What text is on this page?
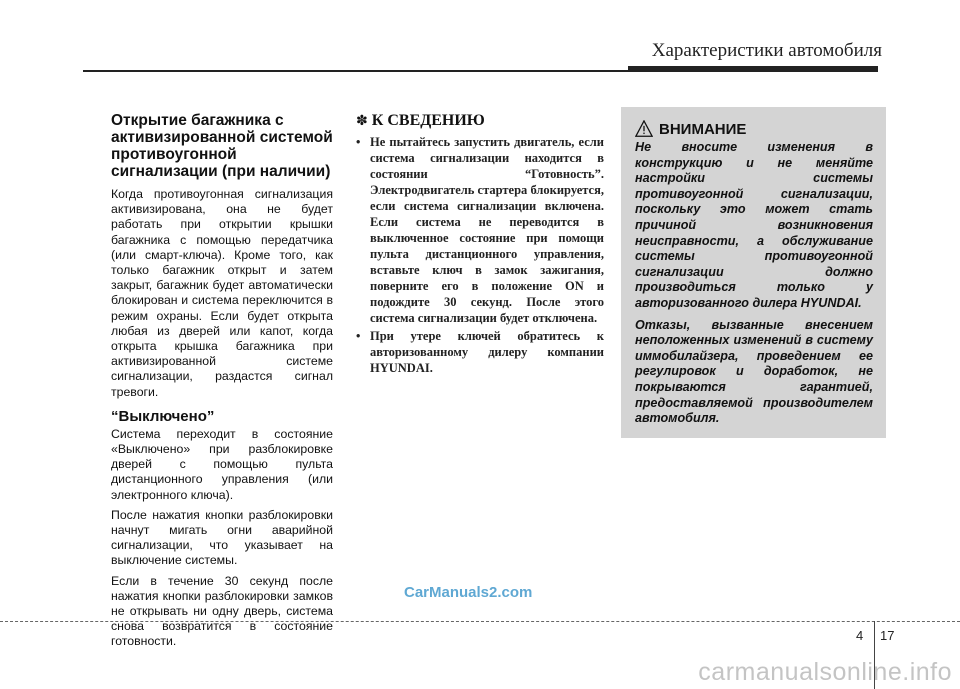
Характеристики автомобиля
Открытие багажника с активизированной системой противоугонной сигнализации (при наличии)
Когда противоугонная сигнализация активизирована, она не будет работать при открытии крышки багажника с помощью передатчика (или смарт-ключа). Кроме того, как только багажник открыт и затем закрыт, багажник будет автоматически блокирован и система переключится в режим охраны. Если будет открыта любая из дверей или капот, когда открыта крышка багажника при активизированной системе сигнализации, раздастся сигнал тревоги.
“Выключено”
Система переходит в состояние «Выключено» при разблокировке дверей с помощью пульта дистанционного управления (или электронного ключа).
После нажатия кнопки разблокировки начнут мигать огни аварийной сигнализации, что указывает на выключение системы.
Если в течение 30 секунд после нажатия кнопки разблокировки замков не открывать ни одну дверь, система снова возвратится в состояние готовности.
✽ К СВЕДЕНИЮ
• Не пытайтесь запустить двигатель, если система сигнализации находится в состоянии “Готовность”. Электродвигатель стартера блокируется, если система сигнализации включена. Если система не переводится в выключенное состояние при помощи пульта дистанционного управления, вставьте ключ в замок зажигания, поверните его в положение ON и подождите 30 секунд. После этого система сигнализации будет отключена.
• При утере ключей обратитесь к авторизованному дилеру компании HYUNDAI.
ВНИМАНИЕ
Не вносите изменения в конструкцию и не меняйте настройки системы противоугонной сигнализации, поскольку это может стать причиной возникновения неисправности, а обслуживание системы противоугонной сигнализации должно производиться только у авторизованного дилера HYUNDAI.
Отказы, вызванные внесением неположенных изменений в систему иммобилайзера, проведением ее регулировок и доработок, не покрываются гарантией, предоставляемой производителем автомобиля.
CarManuals2.com
4 17
carmanualsonline.info
